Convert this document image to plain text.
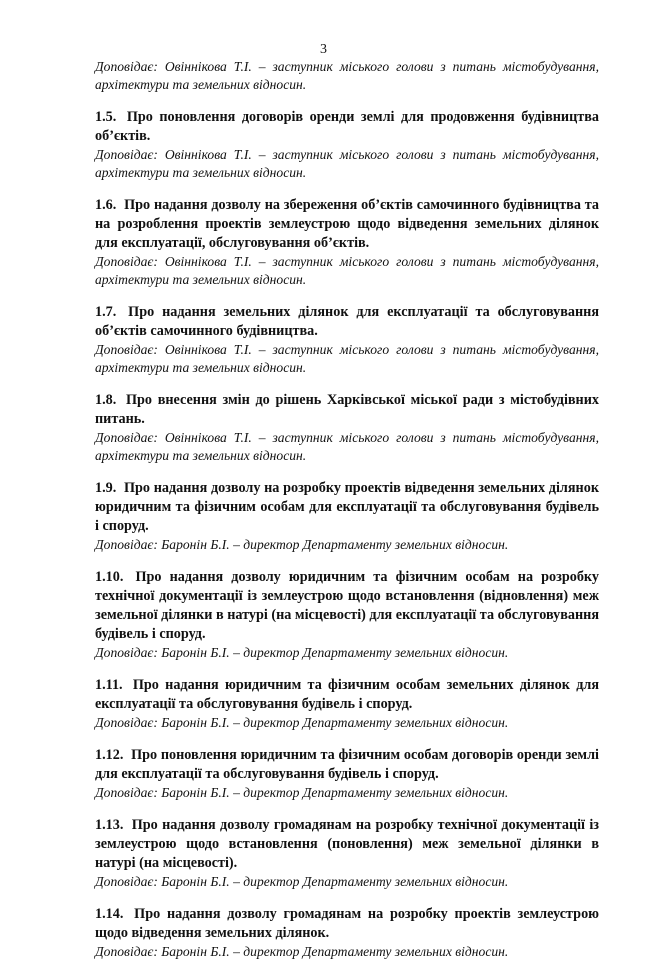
3

Доповідає: Овіннікова Т.І. – заступник міського голови з питань містобудування, архітектури та земельних відносин.

1.5. Про поновлення договорів оренди землі для продовження будівництва об’єктів.

Доповідає: Овіннікова Т.І. – заступник міського голови з питань містобудування, архітектури та земельних відносин.

1.6. Про надання дозволу на збереження об’єктів самочинного будівництва та на розроблення проектів землеустрою щодо відведення земельних ділянок для експлуатації, обслуговування об’єктів.

Доповідає: Овіннікова Т.І. – заступник міського голови з питань містобудування, архітектури та земельних відносин.

1.7. Про надання земельних ділянок для експлуатації та обслуговування об’єктів самочинного будівництва.

Доповідає: Овіннікова Т.І. – заступник міського голови з питань містобудування, архітектури та земельних відносин.

1.8. Про внесення змін до рішень Харківської міської ради з містобудівних питань.

Доповідає: Овіннікова Т.І. – заступник міського голови з питань містобудування, архітектури та земельних відносин.

1.9. Про надання дозволу на розробку проектів відведення земельних ділянок юридичним та фізичним особам для експлуатації та обслуговування будівель і споруд.

Доповідає: Баронін Б.І. – директор Департаменту земельних відносин.

1.10. Про надання дозволу юридичним та фізичним особам на розробку технічної документації із землеустрою щодо встановлення (відновлення) меж земельної ділянки в натурі (на місцевості) для експлуатації та обслуговування будівель і споруд.

Доповідає: Баронін Б.І. – директор Департаменту земельних відносин.

1.11. Про надання юридичним та фізичним особам земельних ділянок для експлуатації та обслуговування будівель і споруд.

Доповідає: Баронін Б.І. – директор Департаменту земельних відносин.

1.12. Про поновлення юридичним та фізичним особам договорів оренди землі для експлуатації та обслуговування будівель і споруд.

Доповідає: Баронін Б.І. – директор Департаменту земельних відносин.

1.13. Про надання дозволу громадянам на розробку технічної документації із землеустрою щодо встановлення (поновлення) меж земельної ділянки в натурі (на місцевості).

Доповідає: Баронін Б.І. – директор Департаменту земельних відносин.

1.14. Про надання дозволу громадянам на розробку проектів землеустрою щодо відведення земельних ділянок.

Доповідає: Баронін Б.І. – директор Департаменту земельних відносин.
